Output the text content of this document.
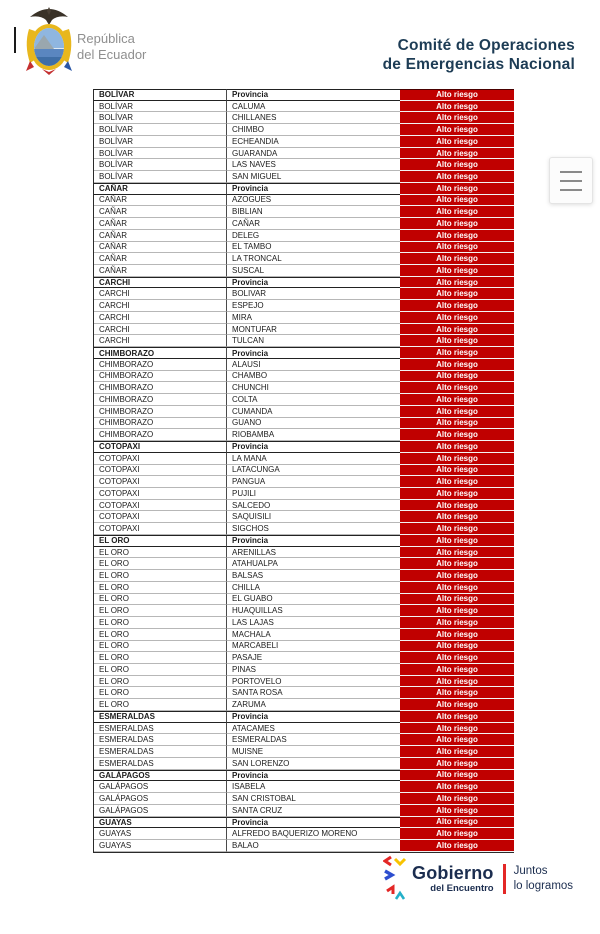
República
del Ecuador
Comité de Operaciones
de Emergencias Nacional
BOLÍVAR	Provincia	Alto riesgo
BOLÍVAR	CALUMA	Alto riesgo
BOLÍVAR	CHILLANES	Alto riesgo
BOLÍVAR	CHIMBO	Alto riesgo
BOLÍVAR	ECHEANDIA	Alto riesgo
BOLÍVAR	GUARANDA	Alto riesgo
BOLÍVAR	LAS NAVES	Alto riesgo
BOLÍVAR	SAN MIGUEL	Alto riesgo
CAÑAR	Provincia	Alto riesgo
CAÑAR	AZOGUES	Alto riesgo
CAÑAR	BIBLIAN	Alto riesgo
CAÑAR	CAÑAR	Alto riesgo
CAÑAR	DELEG	Alto riesgo
CAÑAR	EL TAMBO	Alto riesgo
CAÑAR	LA TRONCAL	Alto riesgo
CAÑAR	SUSCAL	Alto riesgo
CARCHI	Provincia	Alto riesgo
CARCHI	BOLIVAR	Alto riesgo
CARCHI	ESPEJO	Alto riesgo
CARCHI	MIRA	Alto riesgo
CARCHI	MONTUFAR	Alto riesgo
CARCHI	TULCAN	Alto riesgo
CHIMBORAZO	Provincia	Alto riesgo
CHIMBORAZO	ALAUSI	Alto riesgo
CHIMBORAZO	CHAMBO	Alto riesgo
CHIMBORAZO	CHUNCHI	Alto riesgo
CHIMBORAZO	COLTA	Alto riesgo
CHIMBORAZO	CUMANDA	Alto riesgo
CHIMBORAZO	GUANO	Alto riesgo
CHIMBORAZO	RIOBAMBA	Alto riesgo
COTOPAXI	Provincia	Alto riesgo
COTOPAXI	LA MANA	Alto riesgo
COTOPAXI	LATACUNGA	Alto riesgo
COTOPAXI	PANGUA	Alto riesgo
COTOPAXI	PUJILI	Alto riesgo
COTOPAXI	SALCEDO	Alto riesgo
COTOPAXI	SAQUISILI	Alto riesgo
COTOPAXI	SIGCHOS	Alto riesgo
EL ORO	Provincia	Alto riesgo
EL ORO	ARENILLAS	Alto riesgo
EL ORO	ATAHUALPA	Alto riesgo
EL ORO	BALSAS	Alto riesgo
EL ORO	CHILLA	Alto riesgo
EL ORO	EL GUABO	Alto riesgo
EL ORO	HUAQUILLAS	Alto riesgo
EL ORO	LAS LAJAS	Alto riesgo
EL ORO	MACHALA	Alto riesgo
EL ORO	MARCABELI	Alto riesgo
EL ORO	PASAJE	Alto riesgo
EL ORO	PINAS	Alto riesgo
EL ORO	PORTOVELO	Alto riesgo
EL ORO	SANTA ROSA	Alto riesgo
EL ORO	ZARUMA	Alto riesgo
ESMERALDAS	Provincia	Alto riesgo
ESMERALDAS	ATACAMES	Alto riesgo
ESMERALDAS	ESMERALDAS	Alto riesgo
ESMERALDAS	MUISNE	Alto riesgo
ESMERALDAS	SAN LORENZO	Alto riesgo
GALÁPAGOS	Provincia	Alto riesgo
GALÁPAGOS	ISABELA	Alto riesgo
GALÁPAGOS	SAN CRISTOBAL	Alto riesgo
GALÁPAGOS	SANTA CRUZ	Alto riesgo
GUAYAS	Provincia	Alto riesgo
GUAYAS	ALFREDO BAQUERIZO MORENO	Alto riesgo
GUAYAS	BALAO	Alto riesgo
Gobierno
del Encuentro
Juntos
lo logramos
